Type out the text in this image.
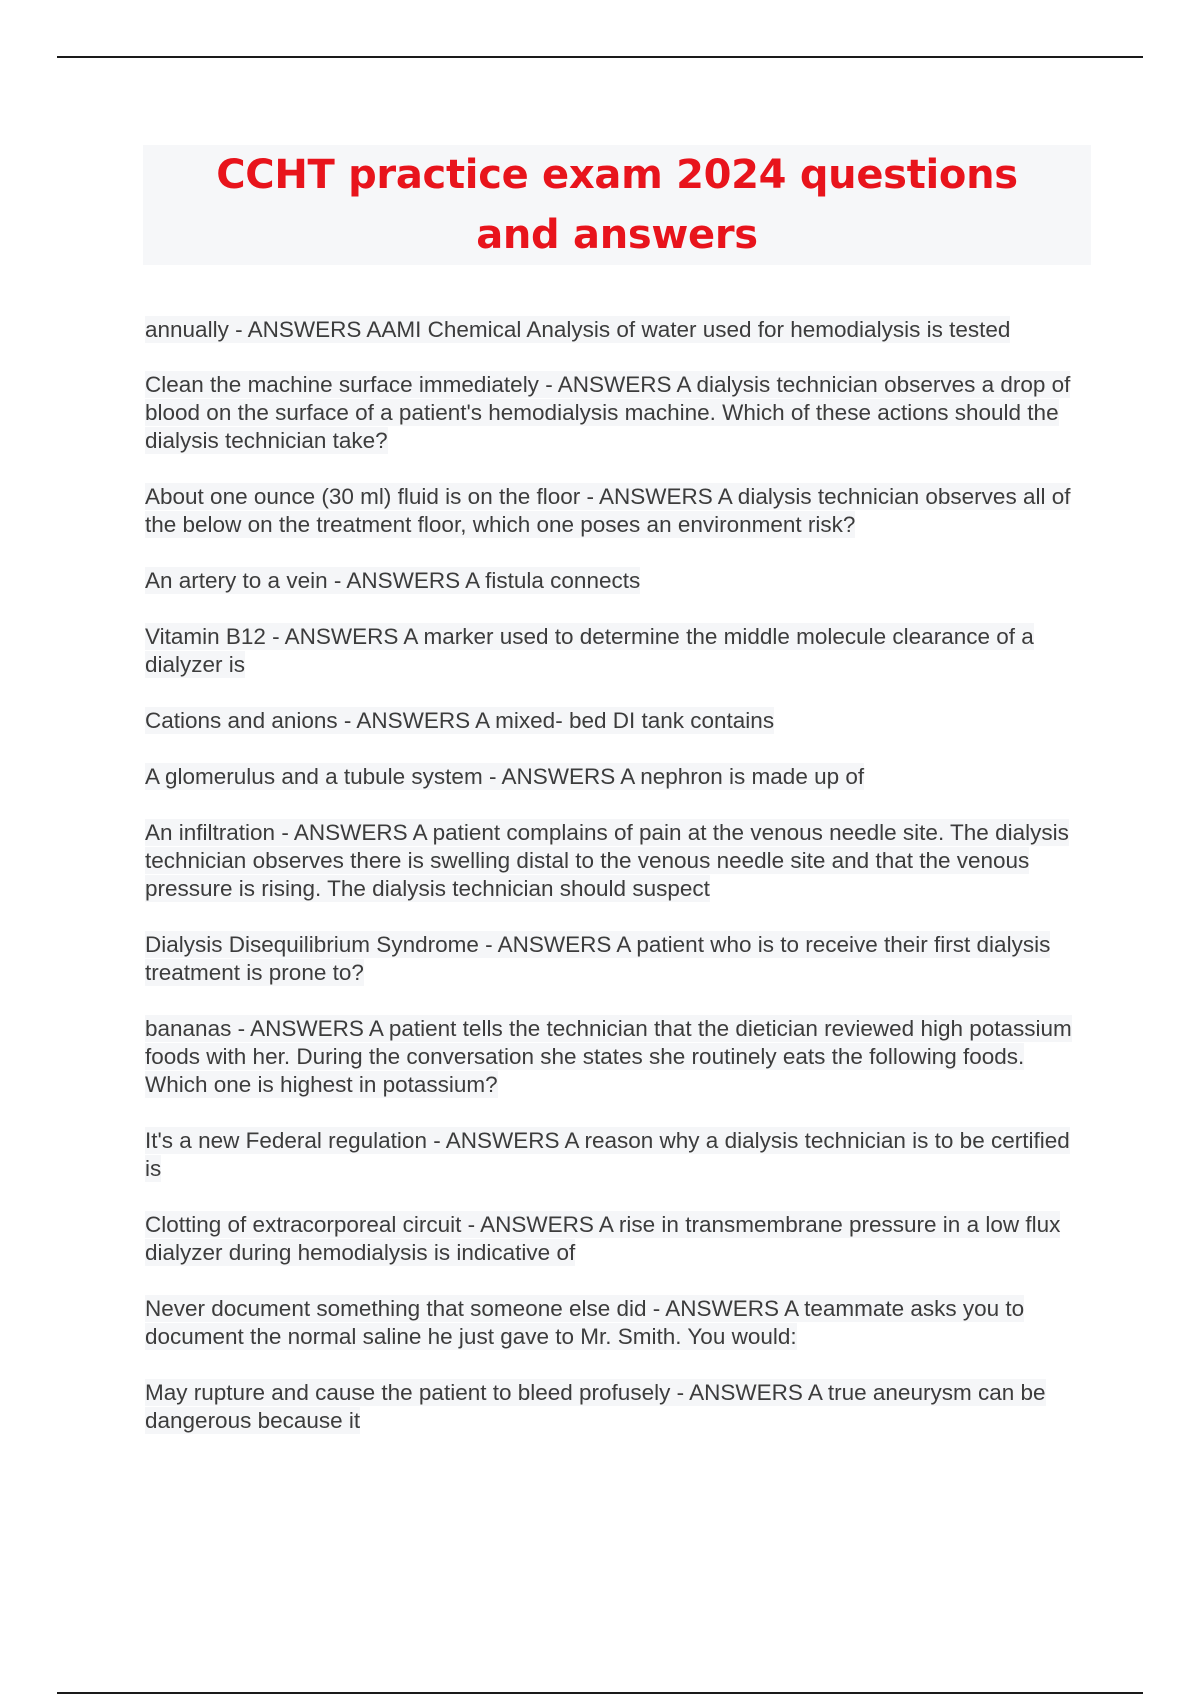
CCHT practice exam 2024 questions and answers

annually - ANSWERS AAMI Chemical Analysis of water used for hemodialysis is tested

Clean the machine surface immediately - ANSWERS A dialysis technician observes a drop of blood on the surface of a patient's hemodialysis machine. Which of these actions should the dialysis technician take?

About one ounce (30 ml) fluid is on the floor - ANSWERS A dialysis technician observes all of the below on the treatment floor, which one poses an environment risk?

An artery to a vein - ANSWERS A fistula connects

Vitamin B12 - ANSWERS A marker used to determine the middle molecule clearance of a dialyzer is

Cations and anions - ANSWERS A mixed- bed DI tank contains

A glomerulus and a tubule system - ANSWERS A nephron is made up of

An infiltration - ANSWERS A patient complains of pain at the venous needle site. The dialysis technician observes there is swelling distal to the venous needle site and that the venous pressure is rising. The dialysis technician should suspect

Dialysis Disequilibrium Syndrome - ANSWERS A patient who is to receive their first dialysis treatment is prone to?

bananas - ANSWERS A patient tells the technician that the dietician reviewed high potassium foods with her. During the conversation she states she routinely eats the following foods. Which one is highest in potassium?

It's a new Federal regulation - ANSWERS A reason why a dialysis technician is to be certified is

Clotting of extracorporeal circuit - ANSWERS A rise in transmembrane pressure in a low flux dialyzer during hemodialysis is indicative of

Never document something that someone else did - ANSWERS A teammate asks you to document the normal saline he just gave to Mr. Smith. You would:

May rupture and cause the patient to bleed profusely - ANSWERS A true aneurysm can be dangerous because it
